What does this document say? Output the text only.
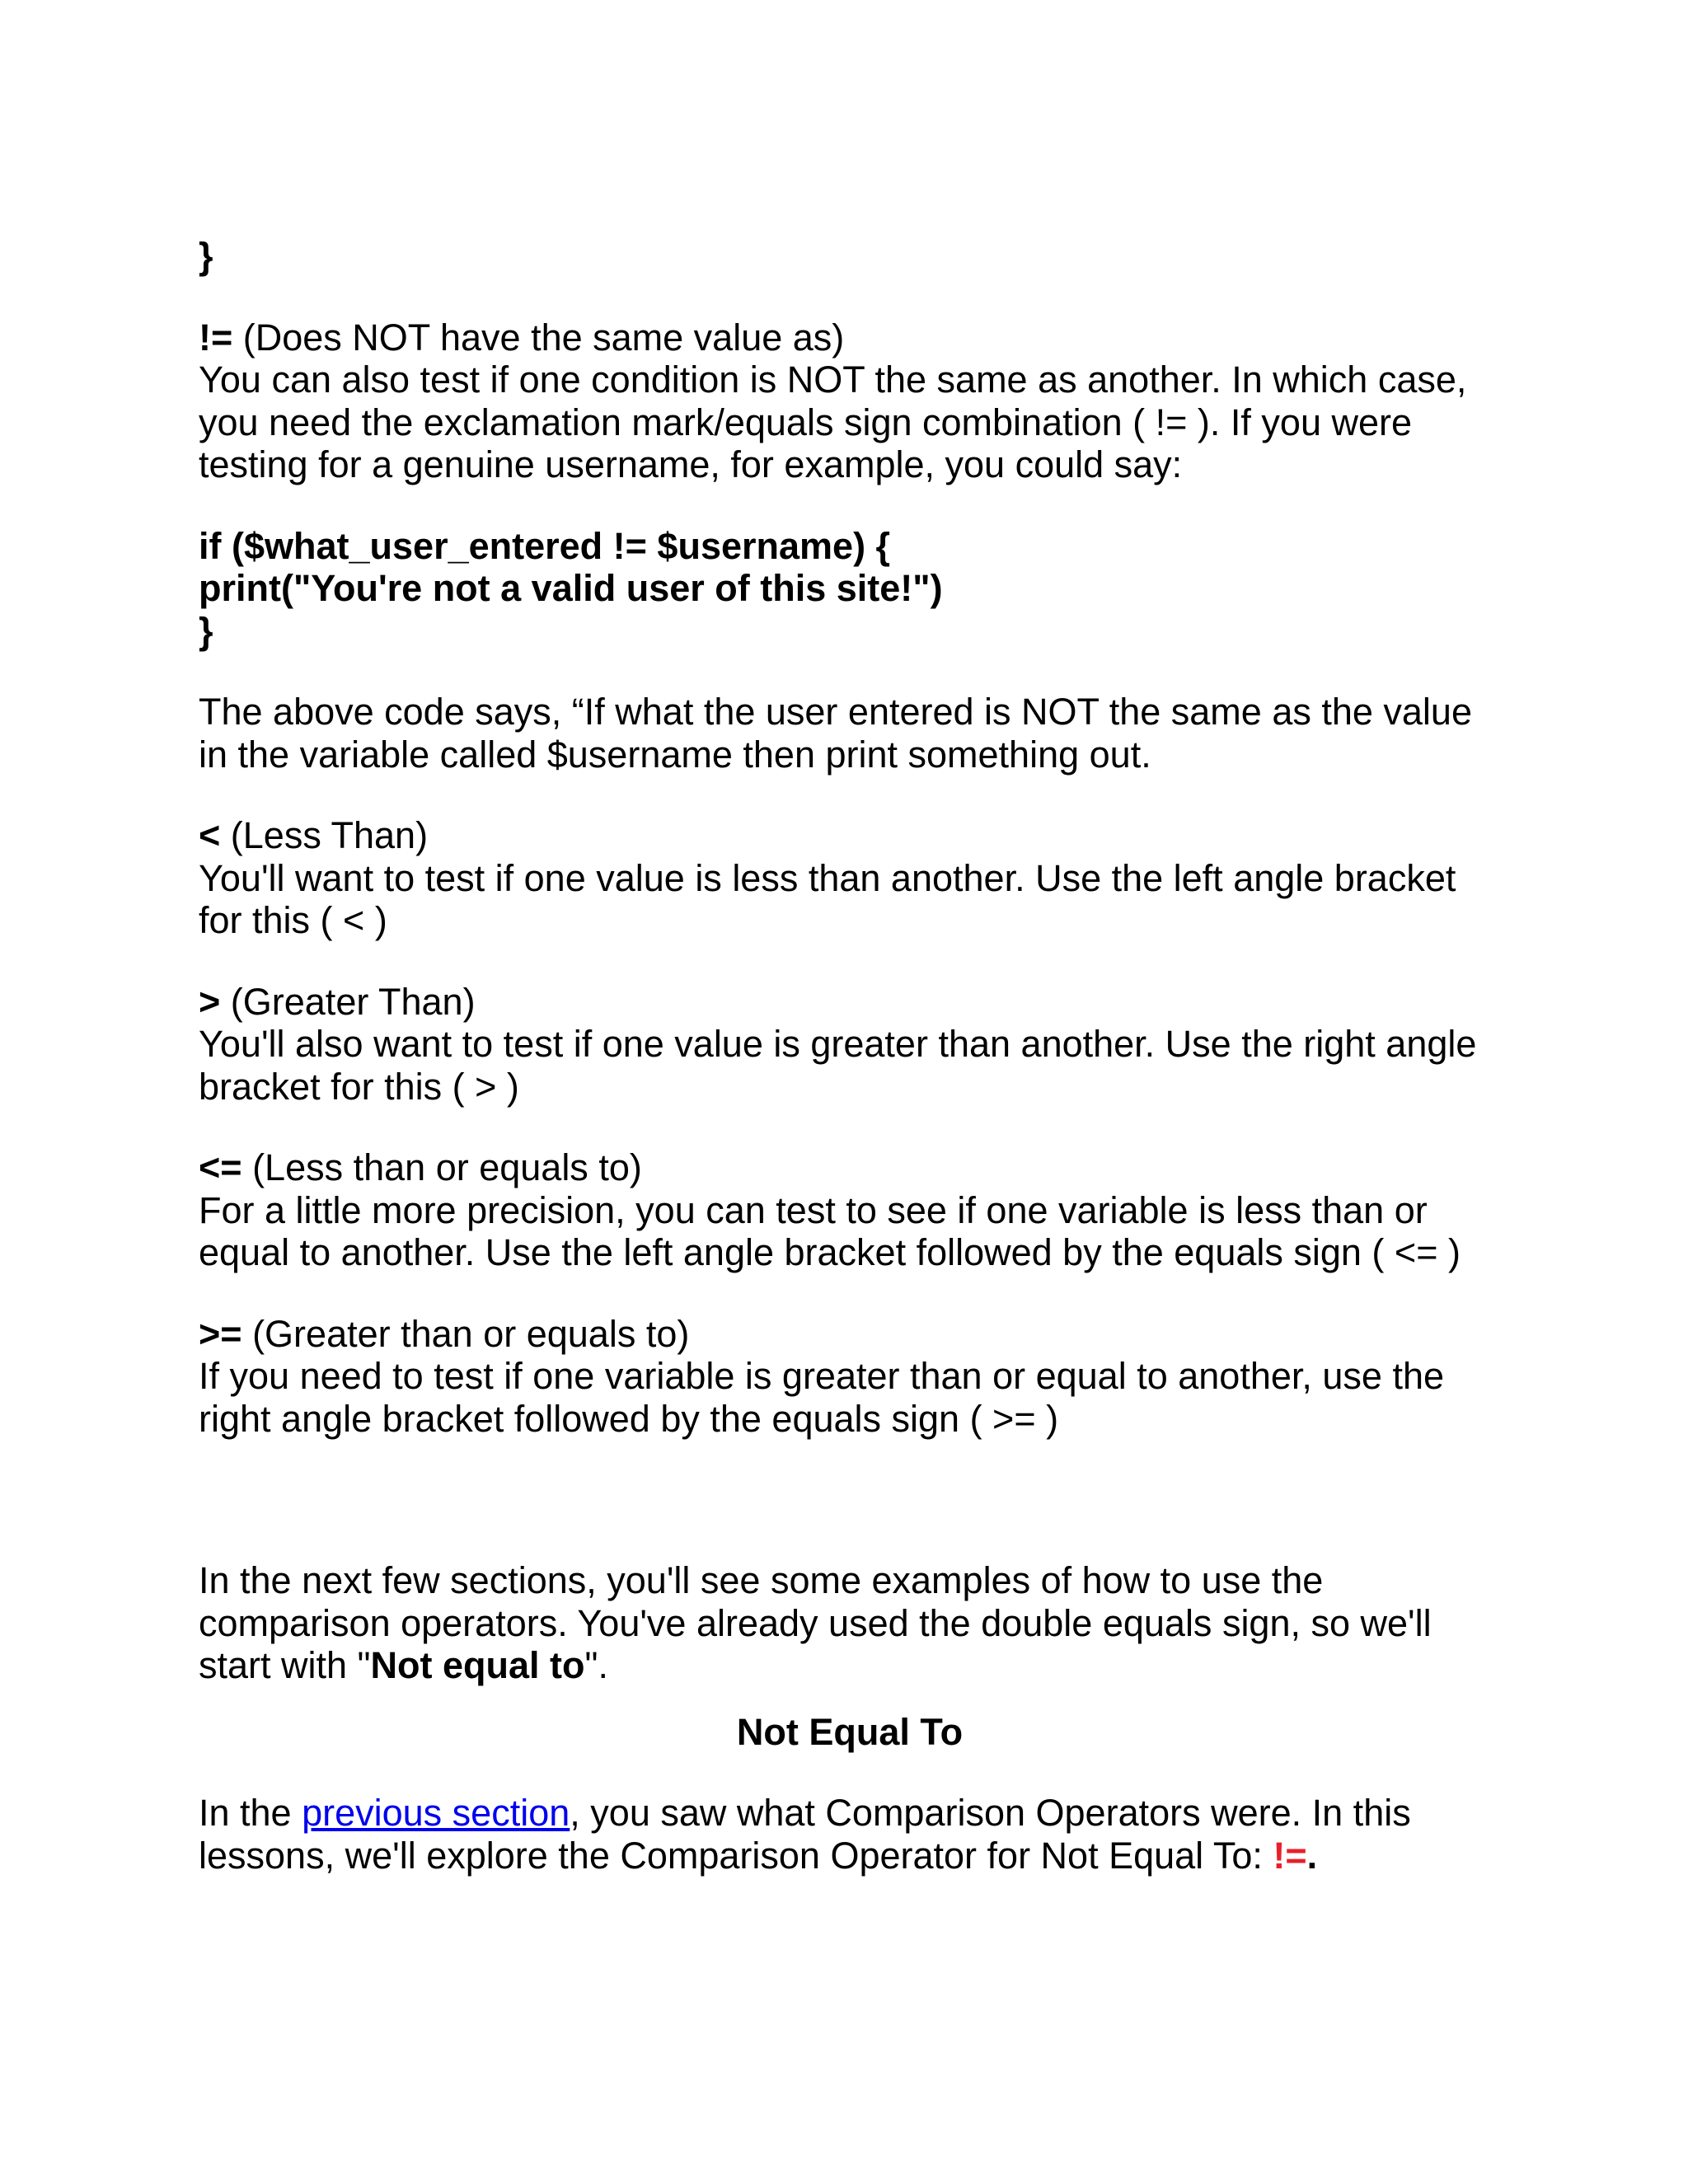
}

!= (Does NOT have the same value as)

You can also test if one condition is NOT the same as another. In which case,

you need the exclamation mark/equals sign combination ( != ). If you were

testing for a genuine username, for example, you could say:

if ($what_user_entered != $username) {

print("You're not a valid user of this site!")

}

The above code says, “If what the user entered is NOT the same as the value

in the variable called $username then print something out.

< (Less Than)

You'll want to test if one value is less than another. Use the left angle bracket

for this ( < )

> (Greater Than)

You'll also want to test if one value is greater than another. Use the right angle

bracket for this ( > )

<= (Less than or equals to)

For a little more precision, you can test to see if one variable is less than or

equal to another. Use the left angle bracket followed by the equals sign ( <= )

>= (Greater than or equals to)

If you need to test if one variable is greater than or equal to another, use the

right angle bracket followed by the equals sign ( >= )

In the next few sections, you'll see some examples of how to use the

comparison operators. You've already used the double equals sign, so we'll

start with "Not equal to".

Not Equal To

In the previous section, you saw what Comparison Operators were. In this

lessons, we'll explore the Comparison Operator for Not Equal To: !=.
